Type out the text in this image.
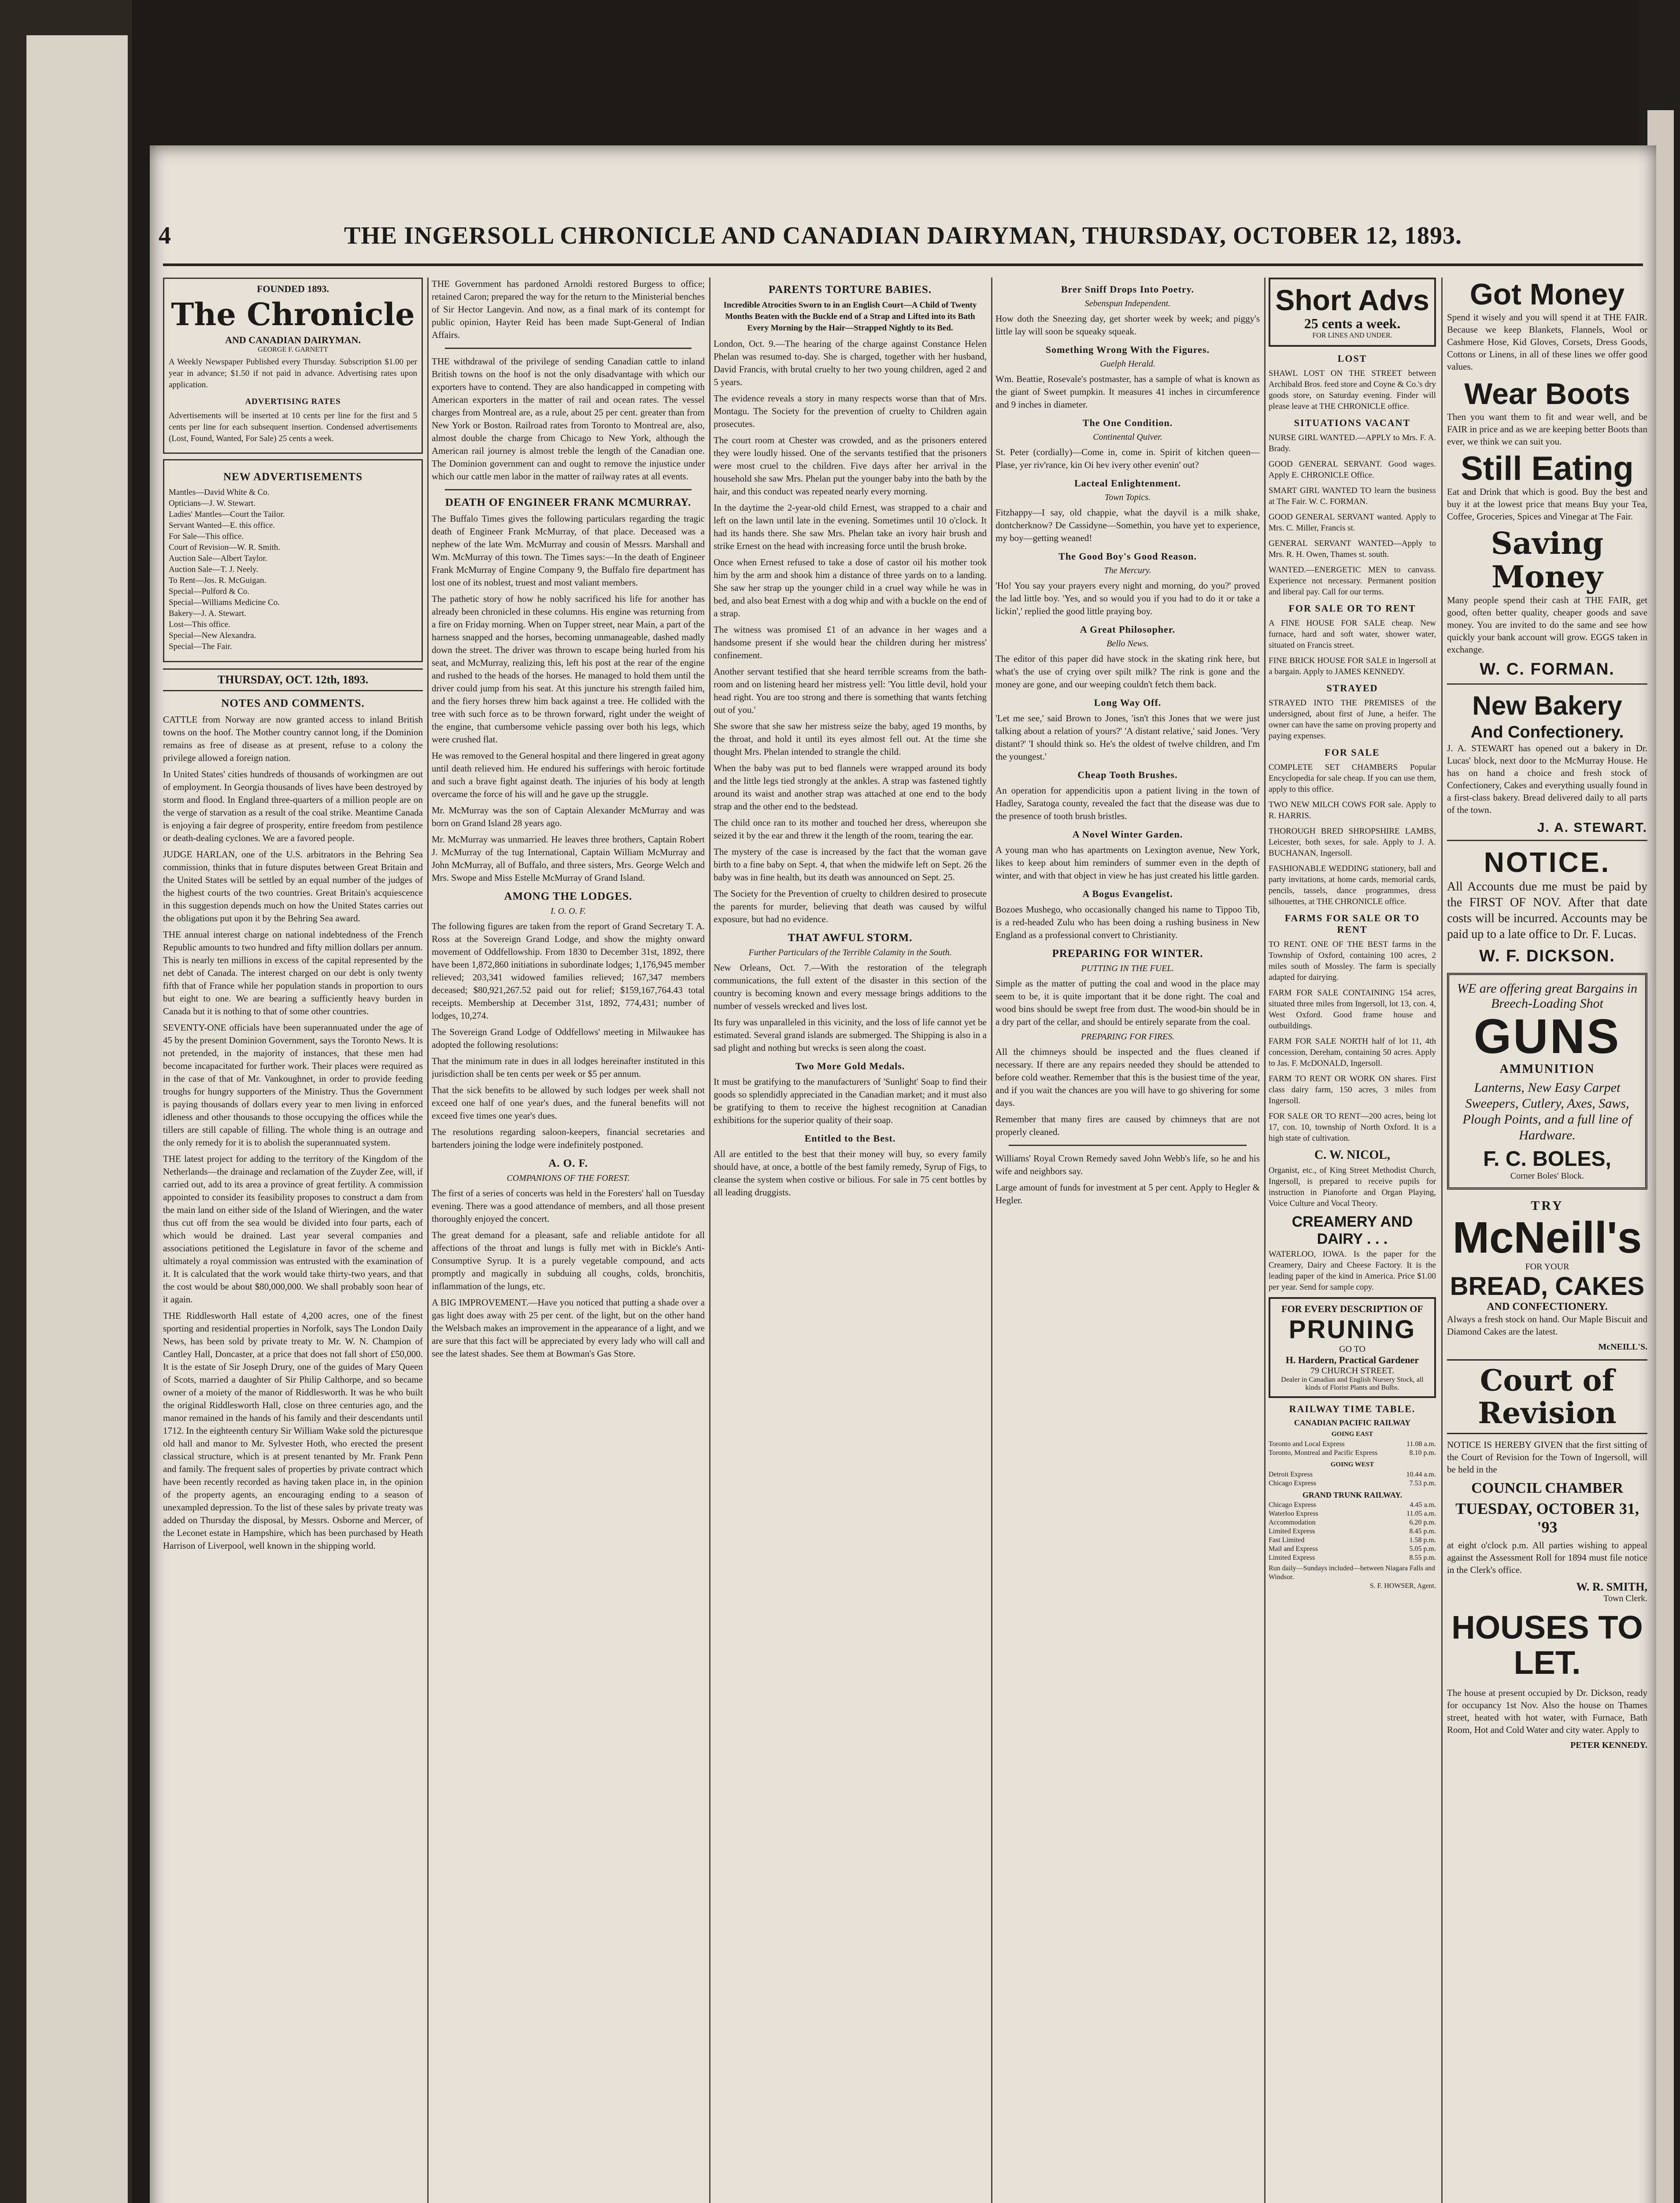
4	THE INGERSOLL CHRONICLE AND CANADIAN DAIRYMAN, THURSDAY, OCTOBER 12, 1893.
FOUNDED 1893.
The Chronicle
AND CANADIAN DAIRYMAN.
GEORGE F. GARNETT

A Weekly Newspaper Published every Thursday. Subscription $1.00 per year in advance; $1.50 if not paid in advance. Advertising rates upon application.

ADVERTISING RATES

Advertisements will be inserted at 10 cents per line for the first and 5 cents per line for each subsequent insertion. Condensed advertisements (Lost, Found, Wanted, For Sale) 25 cents a week.

NEW ADVERTISEMENTS
Mantles—David White & Co.
Opticians—J. W. Stewart.
Ladies' Mantles—Court the Tailor.
Servant Wanted—E. this office.
For Sale—This office.
Court of Revision—W. R. Smith.
Auction Sale—Albert Taylor.
Auction Sale—T. J. Neely.
To Rent—Jos. R. McGuigan.
Special—Pulford & Co.
Special—Williams Medicine Co.
Bakery—J. A. Stewart.
Lost—This office.
Special—New Alexandra.
Special—The Fair.
THURSDAY, OCT. 12th, 1893.
NOTES AND COMMENTS.

CATTLE from Norway are now granted access to inland British towns on the hoof. The Mother country cannot long, if the Dominion remains as free of disease as at present, refuse to a colony the privilege allowed a foreign nation.

In United States' cities hundreds of thousands of workingmen are out of employment. In Georgia thousands of lives have been destroyed by storm and flood. In England three-quarters of a million people are on the verge of starvation as a result of the coal strike. Meantime Canada is enjoying a fair degree of prosperity, entire freedom from pestilence or death-dealing cyclones. We are a favored people.

JUDGE HARLAN, one of the U.S. arbitrators in the Behring Sea commission, thinks that in future disputes between Great Britain and the United States will be settled by an equal number of the judges of the highest courts of the two countries. Great Britain's acquiescence in this suggestion depends much on how the United States carries out the obligations put upon it by the Behring Sea award.

THE annual interest charge on national indebtedness of the French Republic amounts to two hundred and fifty million dollars per annum. This is nearly ten millions in excess of the capital represented by the net debt of Canada. The interest charged on our debt is only twenty fifth that of France while her population stands in proportion to ours but eight to one. We are bearing a sufficiently heavy burden in Canada but it is nothing to that of some other countries.

SEVENTY-ONE officials have been superannuated under the age of 45 by the present Dominion Government, says the Toronto News. It is not pretended, in the majority of instances, that these men had become incapacitated for further work. Their places were required as in the case of that of Mr. Vankoughnet, in order to provide feeding troughs for hungry supporters of the Ministry. Thus the Government is paying thousands of dollars every year to men living in enforced idleness and other thousands to those occupying the offices while the tillers are still capable of filling. The whole thing is an outrage and the only remedy for it is to abolish the superannuated system.

THE latest project for adding to the territory of the Kingdom of the Netherlands—the drainage and reclamation of the Zuyder Zee, will, if carried out, add to its area a province of great fertility. A commission appointed to consider its feasibility proposes to construct a dam from the main land on either side of the Island of Wieringen, and the water thus cut off from the sea would be divided into four parts, each of which would be drained. Last year several companies and associations petitioned the Legislature in favor of the scheme and ultimately a royal commission was entrusted with the examination of it. It is calculated that the work would take thirty-two years, and that the cost would be about $80,000,000. We shall probably soon hear of it again.

THE Riddlesworth Hall estate of 4,200 acres, one of the finest sporting and residential properties in Norfolk, says The London Daily News, has been sold by private treaty to Mr. W. N. Champion of Cantley Hall, Doncaster, at a price that does not fall short of £50,000. It is the estate of Sir Joseph Drury, one of the guides of Mary Queen of Scots, married a daughter of Sir Philip Calthorpe, and so became owner of a moiety of the manor of Riddlesworth. It was he who built the original Riddlesworth Hall, close on three centuries ago, and the manor remained in the hands of his family and their descendants until 1712. In the eighteenth century Sir William Wake sold the picturesque old hall and manor to Mr. Sylvester Hoth, who erected the present classical structure, which is at present tenanted by Mr. Frank Penn and family. The frequent sales of properties by private contract which have been recently recorded as having taken place in, in the opinion of the property agents, an encouraging ending to a season of unexampled depression. To the list of these sales by private treaty was added on Thursday the disposal, by Messrs. Osborne and Mercer, of the Leconet estate in Hampshire, which has been purchased by Heath Harrison of Liverpool, well known in the shipping world.

THE Government has pardoned Arnoldi restored Burgess to office; retained Caron; prepared the way for the return to the Ministerial benches of Sir Hector Langevin. And now, as a final mark of its contempt for public opinion, Hayter Reid has been made Supt-General of Indian Affairs.

THE withdrawal of the privilege of sending Canadian cattle to inland British towns on the hoof is not the only disadvantage with which our exporters have to contend. They are also handicapped in competing with American exporters in the matter of rail and ocean rates. The vessel charges from Montreal are, as a rule, about 25 per cent. greater than from New York or Boston. Railroad rates from Toronto to Montreal are, also, almost double the charge from Chicago to New York, although the American rail journey is almost treble the length of the Canadian one. The Dominion government can and ought to remove the injustice under which our cattle men labor in the matter of railway rates at all events.

DEATH OF ENGINEER FRANK MCMURRAY.

The Buffalo Times gives the following particulars regarding the tragic death of Engineer Frank McMurray, of that place. Deceased was a nephew of the late Wm. McMurray and cousin of Messrs. Marshall and Wm. McMurray of this town. The Times says:—In the death of Engineer Frank McMurray of Engine Company 9, the Buffalo fire department has lost one of its noblest, truest and most valiant members.

The pathetic story of how he nobly sacrificed his life for another has already been chronicled in these columns. His engine was returning from a fire on Friday morning. When on Tupper street, near Main, a part of the harness snapped and the horses, becoming unmanageable, dashed madly down the street. The driver was thrown to escape being hurled from his seat, and McMurray, realizing this, left his post at the rear of the engine and rushed to the heads of the horses. He managed to hold them until the driver could jump from his seat. At this juncture his strength failed him, and the fiery horses threw him back against a tree. He collided with the tree with such force as to be thrown forward, right under the weight of the engine, that cumbersome vehicle passing over both his legs, which were crushed flat.

He was removed to the General hospital and there lingered in great agony until death relieved him. He endured his sufferings with heroic fortitude and such a brave fight against death. The injuries of his body at length overcame the force of his will and he gave up the struggle.

Mr. McMurray was the son of Captain Alexander McMurray and was born on Grand Island 28 years ago.

Mr. McMurray was unmarried. He leaves three brothers, Captain Robert J. McMurray of the tug International, Captain William McMurray and John McMurray, all of Buffalo, and three sisters, Mrs. George Welch and Mrs. Swope and Miss Estelle McMurray of Grand Island.

AMONG THE LODGES.
I. O. O. F.

The following figures are taken from the report of Grand Secretary T. A. Ross at the Sovereign Grand Lodge, and show the mighty onward movement of Oddfellowship. From 1830 to December 31st, 1892, there have been 1,872,860 initiations in subordinate lodges; 1,176,945 member relieved; 203,341 widowed families relieved; 167,347 members deceased; $80,921,267.52 paid out for relief; $159,167,764.43 total receipts. Membership at December 31st, 1892, 774,431; number of lodges, 10,274.

The Sovereign Grand Lodge of Oddfellows' meeting in Milwaukee has adopted the following resolutions:

That the minimum rate in dues in all lodges hereinafter instituted in this jurisdiction shall be ten cents per week or $5 per annum.

That the sick benefits to be allowed by such lodges per week shall not exceed one half of one year's dues, and the funeral benefits will not exceed five times one year's dues.

The resolutions regarding saloon-keepers, financial secretaries and bartenders joining the lodge were indefinitely postponed.

A. O. F.
COMPANIONS OF THE FOREST.

The first of a series of concerts was held in the Foresters' hall on Tuesday evening. There was a good attendance of members, and all those present thoroughly enjoyed the concert.

The great demand for a pleasant, safe and reliable antidote for all affections of the throat and lungs is fully met with in Bickle's Anti-Consumptive Syrup. It is a purely vegetable compound, and acts promptly and magically in subduing all coughs, colds, bronchitis, inflammation of the lungs, etc.

A BIG IMPROVEMENT.—Have you noticed that putting a shade over a gas light does away with 25 per cent. of the light, but on the other hand the Welsbach makes an improvement in the appearance of a light, and we are sure that this fact will be appreciated by every lady who will call and see the latest shades. See them at Bowman's Gas Store.

PARENTS TORTURE BABIES.

Incredible Atrocities Sworn to in an English Court—A Child of Twenty Months Beaten with the Buckle end of a Strap and Lifted into its Bath Every Morning by the Hair—Strapped Nightly to its Bed.

London, Oct. 9.—The hearing of the charge against Constance Helen Phelan was resumed to-day. She is charged, together with her husband, David Francis, with brutal cruelty to her two young children, aged 2 and 5 years.

The evidence reveals a story in many respects worse than that of Mrs. Montagu. The Society for the prevention of cruelty to Children again prosecutes.

The court room at Chester was crowded, and as the prisoners entered they were loudly hissed. One of the servants testified that the prisoners were most cruel to the children. Five days after her arrival in the household she saw Mrs. Phelan put the younger baby into the bath by the hair, and this conduct was repeated nearly every morning.

In the daytime the 2-year-old child Ernest, was strapped to a chair and left on the lawn until late in the evening. Sometimes until 10 o'clock. It had its hands there. She saw Mrs. Phelan take an ivory hair brush and strike Ernest on the head with increasing force until the brush broke.

Once when Ernest refused to take a dose of castor oil his mother took him by the arm and shook him a distance of three yards on to a landing. She saw her strap up the younger child in a cruel way while he was in bed, and also beat Ernest with a dog whip and with a buckle on the end of a strap.

The witness was promised £1 of an advance in her wages and a handsome present if she would hear the children during her mistress' confinement.

Another servant testified that she heard terrible screams from the bath-room and on listening heard her mistress yell: 'You little devil, hold your head right. You are too strong and there is something that wants fetching out of you.'

She swore that she saw her mistress seize the baby, aged 19 months, by the throat, and hold it until its eyes almost fell out. At the time she thought Mrs. Phelan intended to strangle the child.

When the baby was put to bed flannels were wrapped around its body and the little legs tied strongly at the ankles. A strap was fastened tightly around its waist and another strap was attached at one end to the body strap and the other end to the bedstead.

The child once ran to its mother and touched her dress, whereupon she seized it by the ear and threw it the length of the room, tearing the ear.

The mystery of the case is increased by the fact that the woman gave birth to a fine baby on Sept. 4, that when the midwife left on Sept. 26 the baby was in fine health, but its death was announced on Sept. 25.

The Society for the Prevention of cruelty to children desired to prosecute the parents for murder, believing that death was caused by wilful exposure, but had no evidence.

THAT AWFUL STORM.
Further Particulars of the Terrible Calamity in the South.

New Orleans, Oct. 7.—With the restoration of the telegraph communications, the full extent of the disaster in this section of the country is becoming known and every message brings additions to the number of vessels wrecked and lives lost.

Its fury was unparalleled in this vicinity, and the loss of life cannot yet be estimated. Several grand islands are submerged. The Shipping is also in a sad plight and nothing but wrecks is seen along the coast.

Two More Gold Medals.

It must be gratifying to the manufacturers of 'Sunlight' Soap to find their goods so splendidly appreciated in the Canadian market; and it must also be gratifying to them to receive the highest recognition at Canadian exhibitions for the superior quality of their soap.

Entitled to the Best.

All are entitled to the best that their money will buy, so every family should have, at once, a bottle of the best family remedy, Syrup of Figs, to cleanse the system when costive or bilious. For sale in 75 cent bottles by all leading druggists.

Brer Sniff Drops Into Poetry.
Sebenspun Independent.

How doth the Sneezing day, get shorter week by week; and piggy's little lay will soon be squeaky squeak.

Something Wrong With the Figures.
Guelph Herald.

Wm. Beattie, Rosevale's postmaster, has a sample of what is known as the giant of Sweet pumpkin. It measures 41 inches in circumference and 9 inches in diameter.

The One Condition.
Continental Quiver.

St. Peter (cordially)—Come in, come in. Spirit of kitchen queen—Plase, yer riv'rance, kin Oi hev ivery other evenin' out?

Lacteal Enlightenment.
Town Topics.

Fitzhappy—I say, old chappie, what the dayvil is a milk shake, dontcherknow? De Cassidyne—Somethin, you have yet to experience, my boy—getting weaned!

The Good Boy's Good Reason.
The Mercury.

'Ho! You say your prayers every night and morning, do you?' proved the lad little boy. 'Yes, and so would you if you had to do it or take a lickin',' replied the good little praying boy.

A Great Philosopher.
Bello News.

The editor of this paper did have stock in the skating rink here, but what's the use of crying over spilt milk? The rink is gone and the money are gone, and our weeping couldn't fetch them back.

Long Way Off.

'Let me see,' said Brown to Jones, 'isn't this Jones that we were just talking about a relation of yours?' 'A distant relative,' said Jones. 'Very distant?' 'I should think so. He's the oldest of twelve children, and I'm the youngest.'

Cheap Tooth Brushes.

An operation for appendicitis upon a patient living in the town of Hadley, Saratoga county, revealed the fact that the disease was due to the presence of tooth brush bristles.

A Novel Winter Garden.

A young man who has apartments on Lexington avenue, New York, likes to keep about him reminders of summer even in the depth of winter, and with that object in view he has just created his little garden.

A Bogus Evangelist.

Bozoes Mushego, who occasionally changed his name to Tippoo Tib, is a red-headed Zulu who has been doing a rushing business in New England as a professional convert to Christianity.

PREPARING FOR WINTER.
PUTTING IN THE FUEL.

Simple as the matter of putting the coal and wood in the place may seem to be, it is quite important that it be done right. The coal and wood bins should be swept free from dust. The wood-bin should be in a dry part of the cellar, and should be entirely separate from the coal.

PREPARING FOR FIRES.

All the chimneys should be inspected and the flues cleaned if necessary. If there are any repairs needed they should be attended to before cold weather. Remember that this is the busiest time of the year, and if you wait the chances are you will have to go shivering for some days.

Remember that many fires are caused by chimneys that are not properly cleaned.

Williams' Royal Crown Remedy saved John Webb's life, so he and his wife and neighbors say.

Large amount of funds for investment at 5 per cent. Apply to Hegler & Hegler.

Short Advs
25 cents a week.
FOR LINES AND UNDER.
LOST

SHAWL LOST ON THE STREET between Archibald Bros. feed store and Coyne & Co.'s dry goods store, on Saturday evening. Finder will please leave at THE CHRONICLE office.

SITUATIONS VACANT

NURSE GIRL WANTED.—APPLY to Mrs. F. A. Brady.

GOOD GENERAL SERVANT. Good wages. Apply E. CHRONICLE Office.

SMART GIRL WANTED TO learn the business at The Fair. W. C. FORMAN.

GOOD GENERAL SERVANT wanted. Apply to Mrs. C. Miller, Francis st.

GENERAL SERVANT WANTED—Apply to Mrs. R. H. Owen, Thames st. south.

WANTED.—ENERGETIC MEN to canvass. Experience not necessary. Permanent position and liberal pay. Call for our terms.

FOR SALE OR TO RENT

A FINE HOUSE FOR SALE cheap. New furnace, hard and soft water, shower water, situated on Francis street.

FINE BRICK HOUSE FOR SALE in Ingersoll at a bargain. Apply to JAMES KENNEDY.

STRAYED

STRAYED INTO THE PREMISES of the undersigned, about first of June, a heifer. The owner can have the same on proving property and paying expenses.

FOR SALE

COMPLETE SET CHAMBERS Popular Encyclopedia for sale cheap. If you can use them, apply to this office.

TWO NEW MILCH COWS FOR sale. Apply to R. HARRIS.

THOROUGH BRED SHROPSHIRE LAMBS, Leicester, both sexes, for sale. Apply to J. A. BUCHANAN, Ingersoll.

FASHIONABLE WEDDING stationery, ball and party invitations, at home cards, memorial cards, pencils, tassels, dance programmes, dress silhouettes, at THE CHRONICLE office.

FARMS FOR SALE OR TO RENT

TO RENT. ONE OF THE BEST farms in the Township of Oxford, containing 100 acres, 2 miles south of Mossley. The farm is specially adapted for dairying.

FARM FOR SALE CONTAINING 154 acres, situated three miles from Ingersoll, lot 13, con. 4, West Oxford. Good frame house and outbuildings.

FARM FOR SALE NORTH half of lot 11, 4th concession, Dereham, containing 50 acres. Apply to Jas. F. McDONALD, Ingersoll.

FARM TO RENT OR WORK ON shares. First class dairy farm, 150 acres, 3 miles from Ingersoll.

FOR SALE OR TO RENT—200 acres, being lot 17, con. 10, township of North Oxford. It is a high state of cultivation.

C. W. NICOL,

Organist, etc., of King Street Methodist Church, Ingersoll, is prepared to receive pupils for instruction in Pianoforte and Organ Playing, Voice Culture and Vocal Theory.

CREAMERY AND DAIRY . . .

WATERLOO, IOWA. Is the paper for the Creamery, Dairy and Cheese Factory. It is the leading paper of the kind in America. Price $1.00 per year. Send for sample copy.

FOR EVERY DESCRIPTION OF
PRUNING
GO TO
H. Hardern, Practical Gardener
79 CHURCH STREET.
Dealer in Canadian and English Nursery Stock, all kinds of Florist Plants and Bulbs.
RAILWAY TIME TABLE.
CANADIAN PACIFIC RAILWAY
GOING EAST
Toronto and Local Express	11.08 a.m.
Toronto, Montreal and Pacific Express	8.10 p.m.
GOING WEST
Detroit Express	10.44 a.m.
Chicago Express	7.53 p.m.
GRAND TRUNK RAILWAY.
Chicago Express	4.45 a.m.
Waterloo Express	11.05 a.m.
Accommodation	6.20 p.m.
Limited Express	8.45 p.m.
Fast Limited	1.58 p.m.
Mail and Express	5.05 p.m.
Limited Express	8.55 p.m.
Run daily—Sundays included—between Niagara Falls and Windsor.
S. F. HOWSER, Agent.
Got Money

Spend it wisely and you will spend it at THE FAIR. Because we keep Blankets, Flannels, Wool or Cashmere Hose, Kid Gloves, Corsets, Dress Goods, Cottons or Linens, in all of these lines we offer good values.

Wear Boots

Then you want them to fit and wear well, and be FAIR in price and as we are keeping better Boots than ever, we think we can suit you.

Still Eating

Eat and Drink that which is good. Buy the best and buy it at the lowest price that means Buy your Tea, Coffee, Groceries, Spices and Vinegar at The Fair.

Saving Money

Many people spend their cash at THE FAIR, get good, often better quality, cheaper goods and save money. You are invited to do the same and see how quickly your bank account will grow. EGGS taken in exchange.

W. C. FORMAN.
New Bakery
And Confectionery.

J. A. STEWART has opened out a bakery in Dr. Lucas' block, next door to the McMurray House. He has on hand a choice and fresh stock of Confectionery, Cakes and everything usually found in a first-class bakery. Bread delivered daily to all parts of the town.

J. A. STEWART.
NOTICE.

All Accounts due me must be paid by the FIRST OF NOV. After that date costs will be incurred. Accounts may be paid up to a late office to Dr. F. Lucas.

W. F. DICKSON.
WE are offering great Bargains in
Breech-Loading Shot
GUNS
AMMUNITION
Lanterns, New Easy Carpet Sweepers, Cutlery, Axes, Saws, Plough Points, and a full line of Hardware.
F. C. BOLES,
Corner Boles' Block.
TRY
McNeill's
FOR YOUR
BREAD, CAKES
AND CONFECTIONERY.

Always a fresh stock on hand. Our Maple Biscuit and Diamond Cakes are the latest.

McNEILL'S.
Court of Revision

NOTICE IS HEREBY GIVEN that the first sitting of the Court of Revision for the Town of Ingersoll, will be held in the

COUNCIL CHAMBER
TUESDAY, OCTOBER 31, '93

at eight o'clock p.m. All parties wishing to appeal against the Assessment Roll for 1894 must file notice in the Clerk's office.

W. R. SMITH,
Town Clerk.
HOUSES TO LET.

The house at present occupied by Dr. Dickson, ready for occupancy 1st Nov. Also the house on Thames street, heated with hot water, with Furnace, Bath Room, Hot and Cold Water and city water. Apply to

PETER KENNEDY.
